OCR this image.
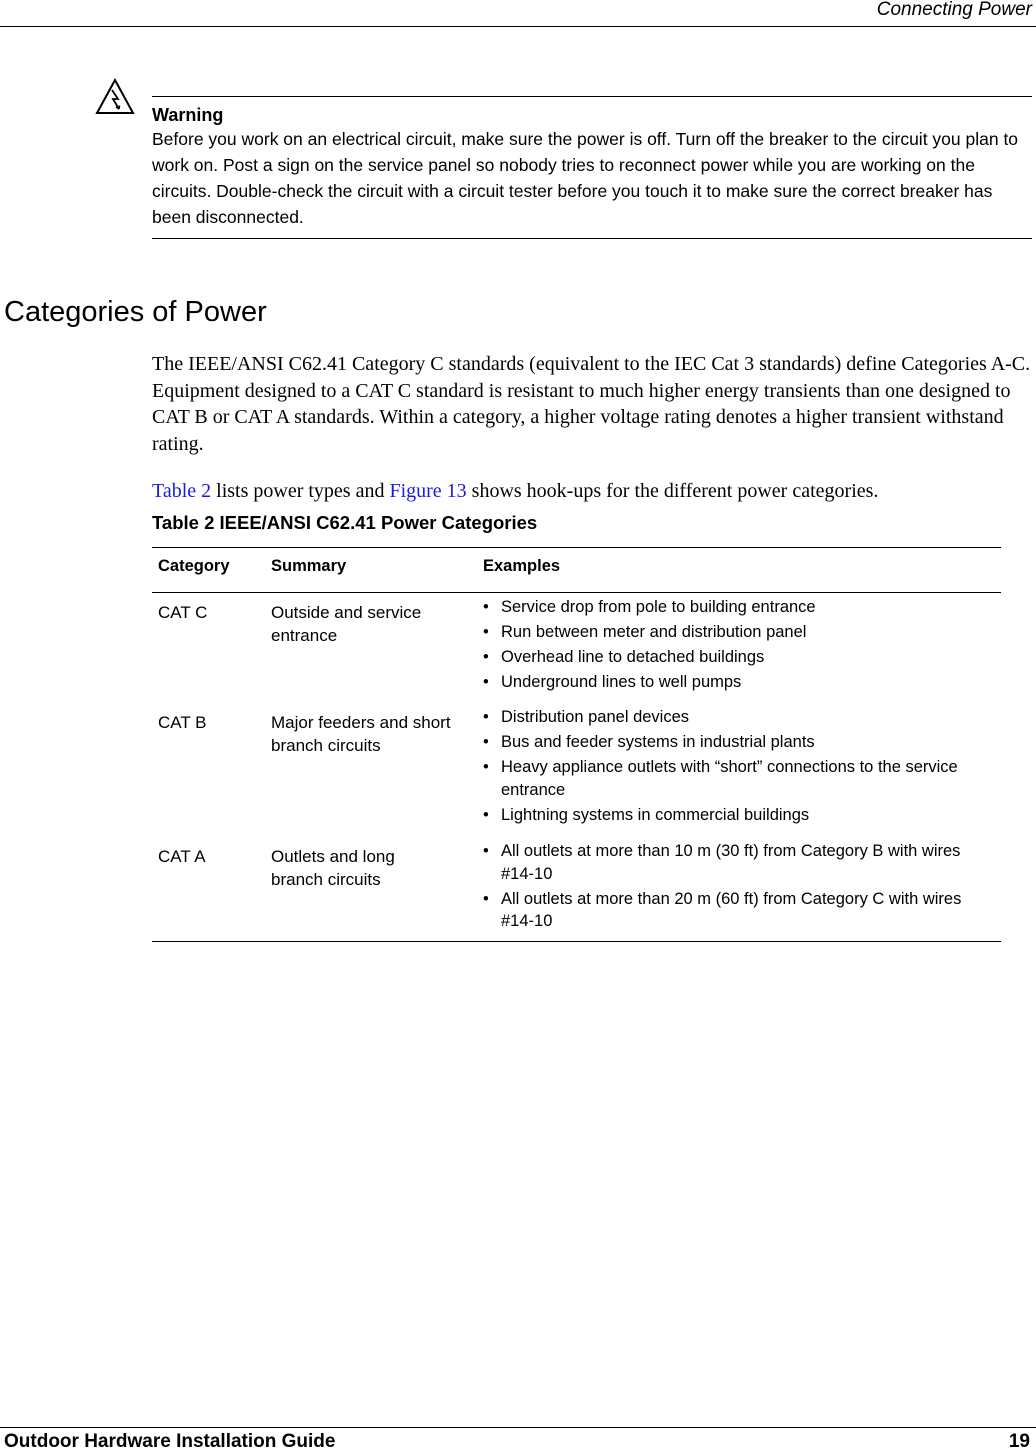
Connecting Power

Warning

Before you work on an electrical circuit, make sure the power is off. Turn off the breaker to the circuit you plan to work on. Post a sign on the service panel so nobody tries to reconnect power while you are working on the circuits. Double-check the circuit with a circuit tester before you touch it to make sure the correct breaker has been disconnected.

Categories of Power

The IEEE/ANSI C62.41 Category C standards (equivalent to the IEC Cat 3 standards) define Categories A-C. Equipment designed to a CAT C standard is resistant to much higher energy transients than one designed to CAT B or CAT A standards. Within a category, a higher voltage rating denotes a higher transient withstand rating.

Table 2 lists power types and Figure 13 shows hook-ups for the different power categories.

Table 2 IEEE/ANSI C62.41 Power Categories

Category	Summary	Examples
CAT C	Outside and service entrance
• Service drop from pole to building entrance
• Run between meter and distribution panel
• Overhead line to detached buildings
• Underground lines to well pumps
CAT B	Major feeders and short branch circuits
• Distribution panel devices
• Bus and feeder systems in industrial plants
• Heavy appliance outlets with “short” connections to the service entrance
• Lightning systems in commercial buildings
CAT A	Outlets and long branch circuits
• All outlets at more than 10 m (30 ft) from Category B with wires #14-10
• All outlets at more than 20 m (60 ft) from Category C with wires #14-10
Outdoor Hardware Installation Guide	19
